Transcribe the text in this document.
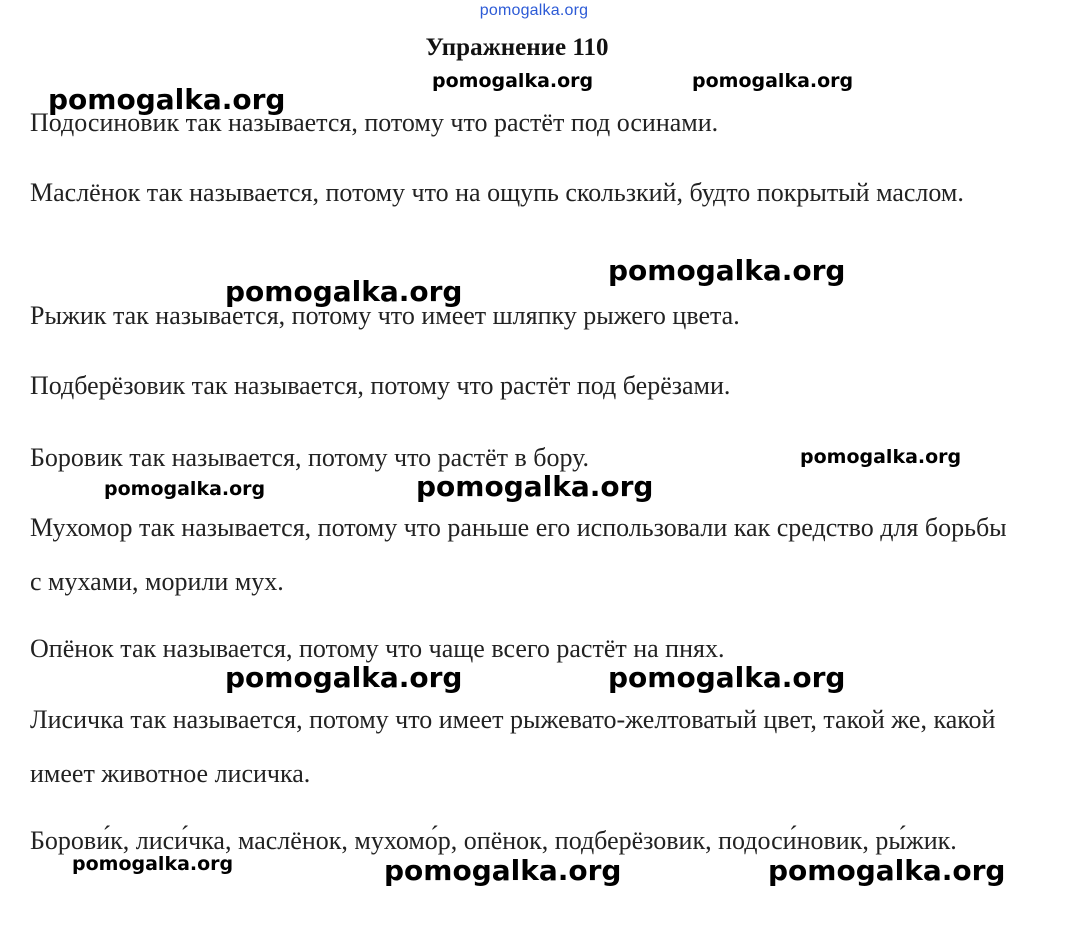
pomogalka.org
Упражнение 110

Подосиновик так называется, потому что растёт под осинами.

Маслёнок так называется, потому что на ощупь скользкий, будто покрытый маслом.

Рыжик так называется, потому что имеет шляпку рыжего цвета.

Подберёзовик так называется, потому что растёт под берёзами.

Боровик так называется, потому что растёт в бору.

Мухомор так называется, потому что раньше его использовали как средство для борьбы с мухами, морили мух.

Опёнок так называется, потому что чаще всего растёт на пнях.

Лисичка так называется, потому что имеет рыжевато-желтоватый цвет, такой же, какой имеет животное лисичка.

Борови́к, лиси́чка, маслёнок, мухомо́р, опёнок, подберёзовик, подоси́новик, ры́жик.

pomogalka.org	pomogalka.org
pomogalka.org
pomogalka.org
pomogalka.org
pomogalka.org
pomogalka.org	pomogalka.org
pomogalka.org	pomogalka.org
pomogalka.org	pomogalka.org	pomogalka.org
